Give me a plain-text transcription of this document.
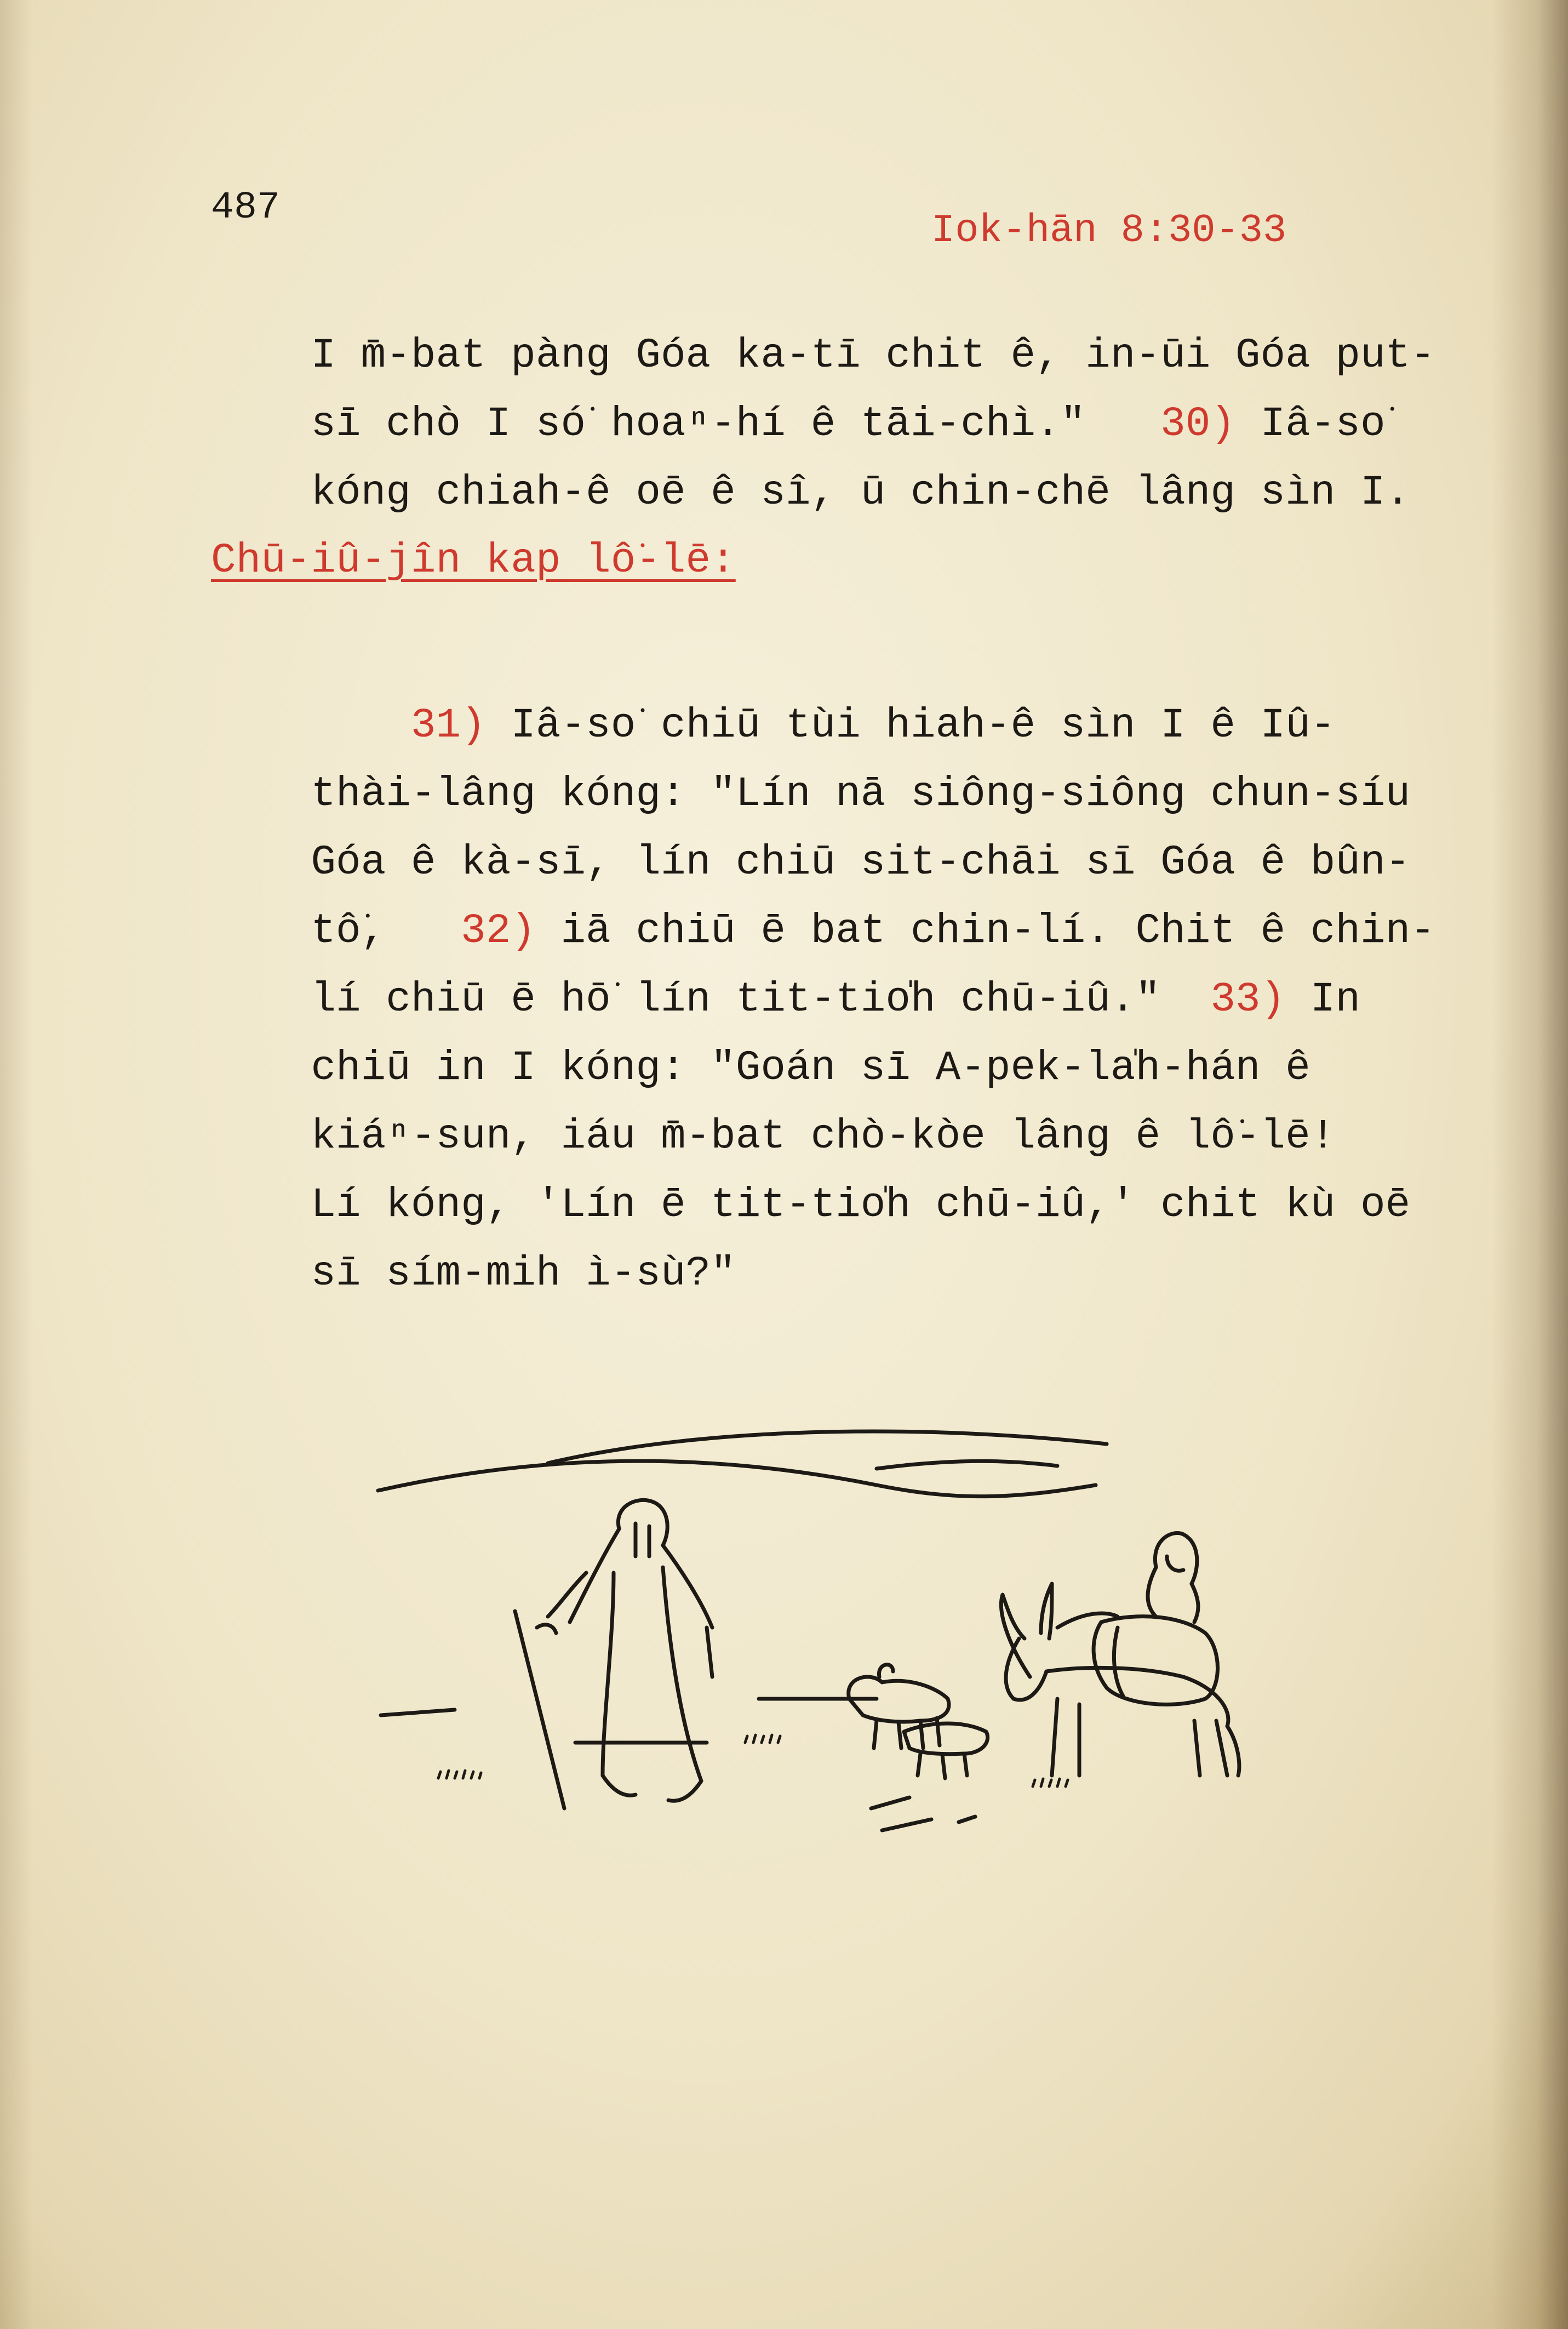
487
Iok-hān 8:30-33

I m̄-bat pàng Góa ka-tī chit ê, in-ūi Góa put-

sī chò I só͘ hoaⁿ-hí ê tāi-chì." 30) Iâ-so͘

kóng chiah-ê oē ê sî, ū chin-chē lâng sìn I.

Chū-iû-jîn kap lô͘-lē:

31) Iâ-so͘ chiū tùi hiah-ê sìn I ê Iû-

thài-lâng kóng: "Lín nā siông-siông chun-síu

Góa ê kà-sī, lín chiū sit-chāi sī Góa ê bûn-

tô͘, 32) iā chiū ē bat chin-lí. Chit ê chin-

lí chiū ē hō͘ lín tit-tio̍h chū-iû." 33) In

chiū in I kóng: "Goán sī A-pek-la̍h-hán ê

kiáⁿ-sun, iáu m̄-bat chò-kòe lâng ê lô͘-lē!

Lí kóng, 'Lín ē tit-tio̍h chū-iû,' chit kù oē

sī sím-mih ì-sù?"
